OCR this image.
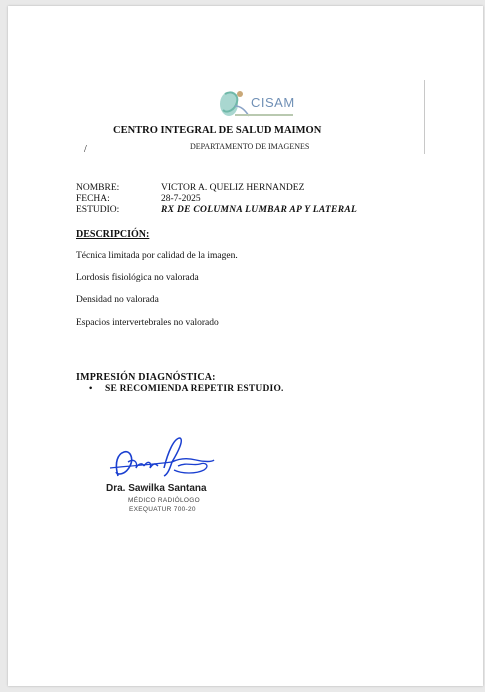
CISAM
CENTRO INTEGRAL DE SALUD MAIMON
DEPARTAMENTO DE IMAGENES
/
NOMBRE:	VICTOR A. QUELIZ HERNANDEZ
FECHA:	28-7-2025
ESTUDIO:	RX DE COLUMNA LUMBAR AP Y LATERAL
DESCRIPCIÓN:
Técnica limitada por calidad de la imagen.
Lordosis fisiológica no valorada
Densidad no valorada
Espacios intervertebrales no valorado
IMPRESIÓN DIAGNÓSTICA:
• SE RECOMIENDA REPETIR ESTUDIO.
Dra. Sawilka Santana
MÉDICO RADIÓLOGO
EXEQUATUR 700-20
